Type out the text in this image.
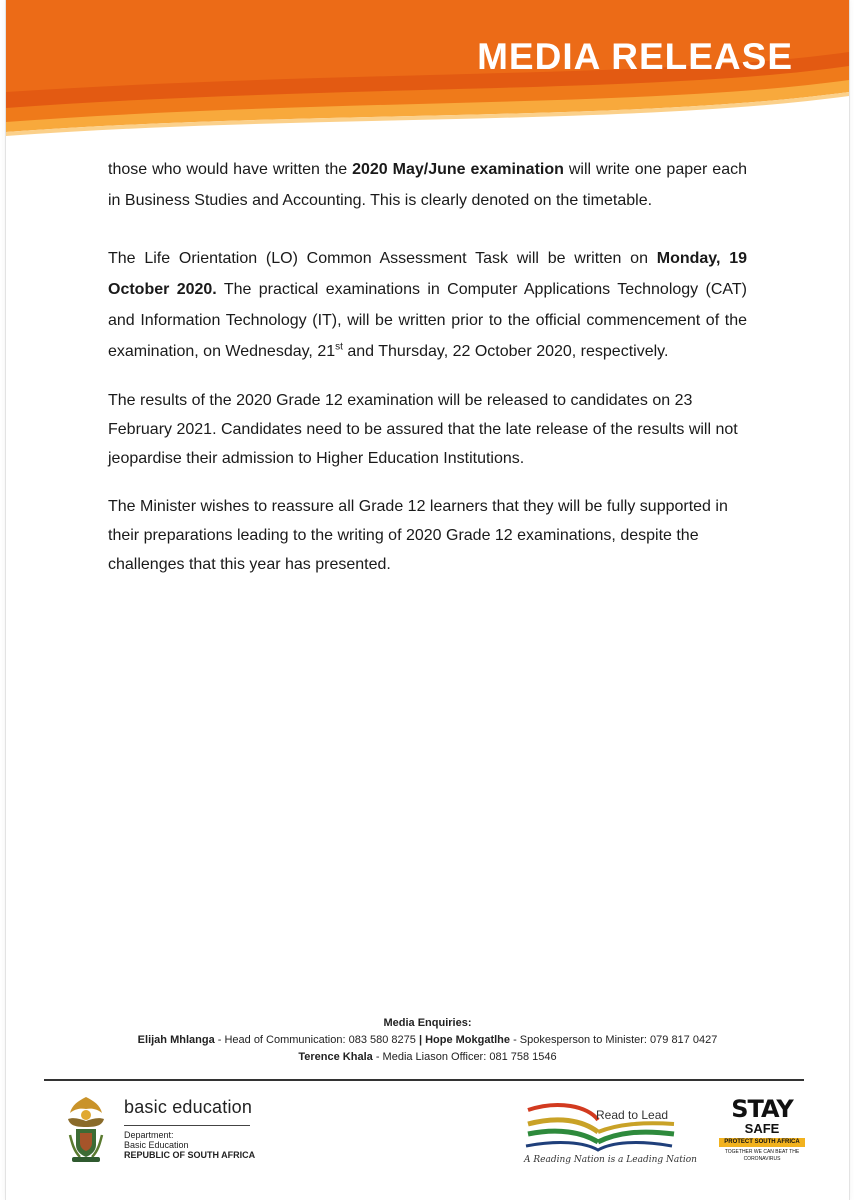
MEDIA RELEASE

those who would have written the 2020 May/June examination will write one paper each in Business Studies and Accounting. This is clearly denoted on the timetable.

The Life Orientation (LO) Common Assessment Task will be written on Monday, 19 October 2020. The practical examinations in Computer Applications Technology (CAT) and Information Technology (IT), will be written prior to the official commencement of the examination, on Wednesday, 21st and Thursday, 22 October 2020, respectively.

The results of the 2020 Grade 12 examination will be released to candidates on 23 February 2021. Candidates need to be assured that the late release of the results will not jeopardise their admission to Higher Education Institutions.

The Minister wishes to reassure all Grade 12 learners that they will be fully supported in their preparations leading to the writing of 2020 Grade 12 examinations, despite the challenges that this year has presented.

Media Enquiries:
Elijah Mhlanga - Head of Communication: 083 580 8275 | Hope Mokgatlhe - Spokesperson to Minister: 079 817 0427
Terence Khala - Media Liason Officer: 081 758 1546
basic education
Department:
Basic Education
REPUBLIC OF SOUTH AFRICA
Read to Lead
A Reading Nation is a Leading Nation
STAY
SAFE
PROTECT SOUTH AFRICA
TOGETHER WE CAN BEAT THE CORONAVIRUS
